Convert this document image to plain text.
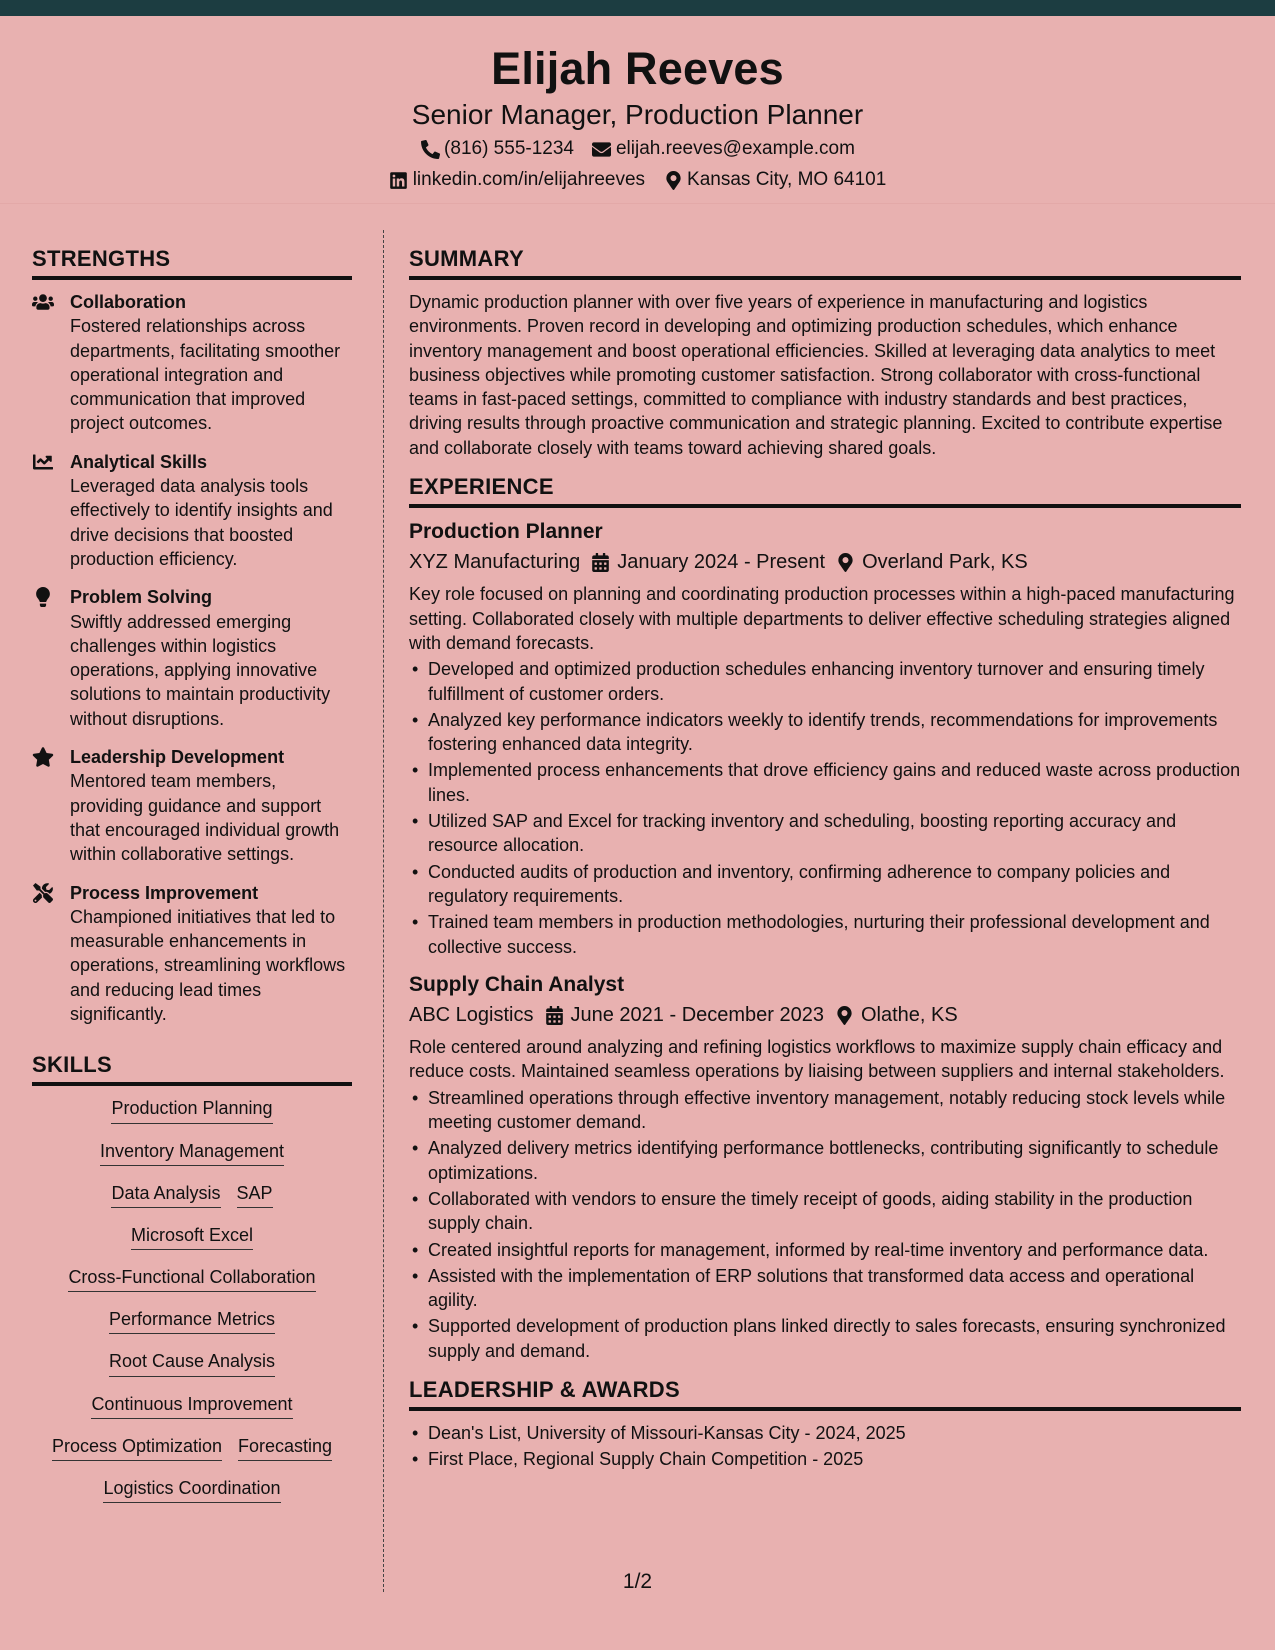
Elijah Reeves
Senior Manager, Production Planner
(816) 555-1234 elijah.reeves@example.com
linkedin.com/in/elijahreeves Kansas City, MO 64101
STRENGTHS
Collaboration
Fostered relationships across departments, facilitating smoother operational integration and communication that improved project outcomes.
Analytical Skills
Leveraged data analysis tools effectively to identify insights and drive decisions that boosted production efficiency.
Problem Solving
Swiftly addressed emerging challenges within logistics operations, applying innovative solutions to maintain productivity without disruptions.
Leadership Development
Mentored team members, providing guidance and support that encouraged individual growth within collaborative settings.
Process Improvement
Championed initiatives that led to measurable enhancements in operations, streamlining workflows and reducing lead times significantly.
SKILLS
Production Planning
Inventory Management
Data Analysis SAP
Microsoft Excel
Cross-Functional Collaboration
Performance Metrics
Root Cause Analysis
Continuous Improvement
Process Optimization Forecasting
Logistics Coordination
SUMMARY
Dynamic production planner with over five years of experience in manufacturing and logistics environments. Proven record in developing and optimizing production schedules, which enhance inventory management and boost operational efficiencies. Skilled at leveraging data analytics to meet business objectives while promoting customer satisfaction. Strong collaborator with cross-functional teams in fast-paced settings, committed to compliance with industry standards and best practices, driving results through proactive communication and strategic planning. Excited to contribute expertise and collaborate closely with teams toward achieving shared goals.
EXPERIENCE
Production Planner
XYZ Manufacturing January 2024 - Present Overland Park, KS
Key role focused on planning and coordinating production processes within a high-paced manufacturing setting. Collaborated closely with multiple departments to deliver effective scheduling strategies aligned with demand forecasts.
• Developed and optimized production schedules enhancing inventory turnover and ensuring timely fulfillment of customer orders.
• Analyzed key performance indicators weekly to identify trends, recommendations for improvements fostering enhanced data integrity.
• Implemented process enhancements that drove efficiency gains and reduced waste across production lines.
• Utilized SAP and Excel for tracking inventory and scheduling, boosting reporting accuracy and resource allocation.
• Conducted audits of production and inventory, confirming adherence to company policies and regulatory requirements.
• Trained team members in production methodologies, nurturing their professional development and collective success.
Supply Chain Analyst
ABC Logistics June 2021 - December 2023 Olathe, KS
Role centered around analyzing and refining logistics workflows to maximize supply chain efficacy and reduce costs. Maintained seamless operations by liaising between suppliers and internal stakeholders.
• Streamlined operations through effective inventory management, notably reducing stock levels while meeting customer demand.
• Analyzed delivery metrics identifying performance bottlenecks, contributing significantly to schedule optimizations.
• Collaborated with vendors to ensure the timely receipt of goods, aiding stability in the production supply chain.
• Created insightful reports for management, informed by real-time inventory and performance data.
• Assisted with the implementation of ERP solutions that transformed data access and operational agility.
• Supported development of production plans linked directly to sales forecasts, ensuring synchronized supply and demand.
LEADERSHIP & AWARDS
• Dean's List, University of Missouri-Kansas City - 2024, 2025
• First Place, Regional Supply Chain Competition - 2025
1/2
